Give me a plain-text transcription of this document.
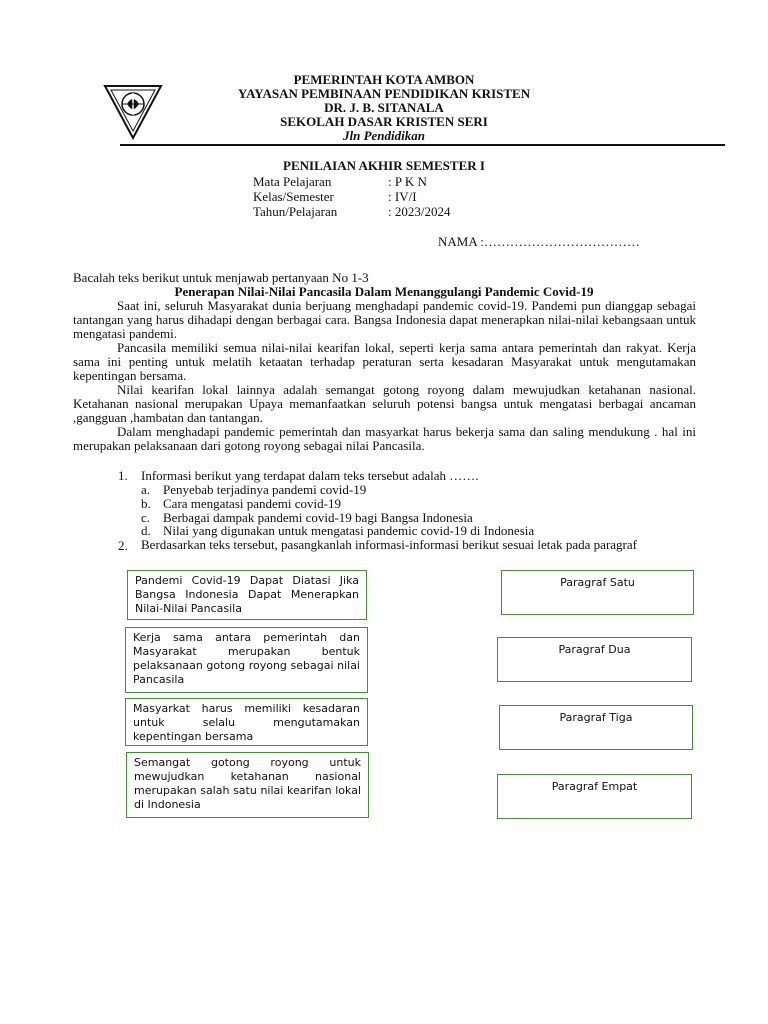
PEMERINTAH KOTA AMBON
YAYASAN PEMBINAAN PENDIDIKAN KRISTEN
DR. J. B. SITANALA
SEKOLAH DASAR KRISTEN SERI
Jln Pendidikan
PENILAIAN AKHIR SEMESTER I
Mata Pelajaran	: P K N
Kelas/Semester	: IV/I
Tahun/Pelajaran	: 2023/2024
NAMA :………………………………
Bacalah teks berikut untuk menjawab pertanyaan No 1-3
Penerapan Nilai-Nilai Pancasila Dalam Menanggulangi Pandemic Covid-19
Saat ini, seluruh Masyarakat dunia berjuang menghadapi pandemic covid-19. Pandemi pun dianggap sebagai tantangan yang harus dihadapi dengan berbagai cara. Bangsa Indonesia dapat menerapkan nilai-nilai kebangsaan untuk mengatasi pandemi.
Pancasila memiliki semua nilai-nilai kearifan lokal, seperti kerja sama antara pemerintah dan rakyat. Kerja sama ini penting untuk melatih ketaatan terhadap peraturan serta kesadaran Masyarakat untuk mengutamakan kepentingan bersama.
Nilai kearifan lokal lainnya adalah semangat gotong royong dalam mewujudkan ketahanan nasional. Ketahanan nasional merupakan Upaya memanfaatkan seluruh potensi bangsa untuk mengatasi berbagai ancaman ,gangguan ,hambatan dan tantangan.
Dalam menghadapi pandemic pemerintah dan masyarkat harus bekerja sama dan saling mendukung . hal ini merupakan pelaksanaan dari gotong royong sebagai nilai Pancasila.
1. Informasi berikut yang terdapat dalam teks tersebut adalah …….
a. Penyebab terjadinya pandemi covid-19
b. Cara mengatasi pandemi covid-19
c. Berbagai dampak pandemi covid-19 bagi Bangsa Indonesia
d. Nilai yang digunakan untuk mengatasi pandemic covid-19 di Indonesia
2. Berdasarkan teks tersebut, pasangkanlah informasi-informasi berikut sesuai letak pada paragraf
Pandemi Covid-19 Dapat Diatasi Jika Bangsa Indonesia Dapat Menerapkan Nilai-Nilai Pancasila
Kerja sama antara pemerintah dan Masyarakat merupakan bentuk pelaksanaan gotong royong sebagai nilai Pancasila
Masyarkat harus memiliki kesadaran untuk selalu mengutamakan kepentingan bersama
Semangat gotong royong untuk mewujudkan ketahanan nasional merupakan salah satu nilai kearifan lokal di Indonesia
Paragraf Satu
Paragraf Dua
Paragraf Tiga
Paragraf Empat
